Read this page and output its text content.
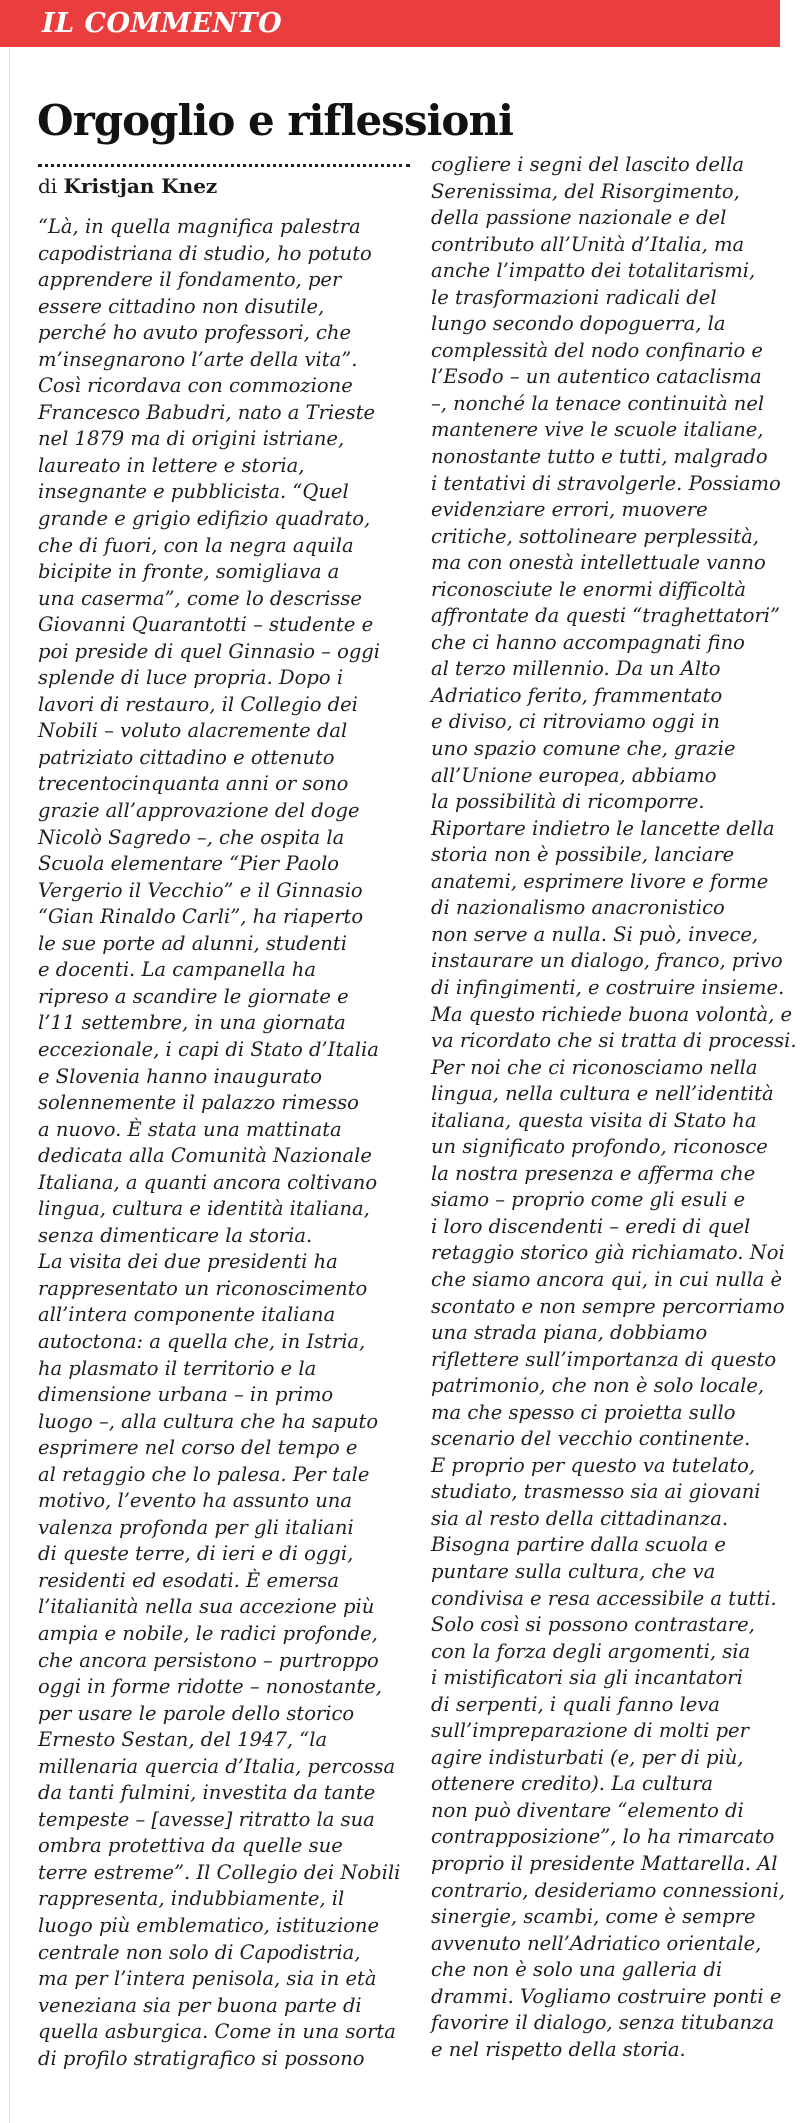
IL COMMENTO
Orgoglio e riflessioni
di Kristjan Knez
“Là, in quella magnifica palestra
capodistriana di studio, ho potuto
apprendere il fondamento, per
essere cittadino non disutile,
perché ho avuto professori, che
m’insegnarono l’arte della vita”.
Così ricordava con commozione
Francesco Babudri, nato a Trieste
nel 1879 ma di origini istriane,
laureato in lettere e storia,
insegnante e pubblicista. “Quel
grande e grigio edifizio quadrato,
che di fuori, con la negra aquila
bicipite in fronte, somigliava a
una caserma”, come lo descrisse
Giovanni Quarantotti – studente e
poi preside di quel Ginnasio – oggi
splende di luce propria. Dopo i
lavori di restauro, il Collegio dei
Nobili – voluto alacremente dal
patriziato cittadino e ottenuto
trecentocinquanta anni or sono
grazie all’approvazione del doge
Nicolò Sagredo –, che ospita la
Scuola elementare “Pier Paolo
Vergerio il Vecchio” e il Ginnasio
“Gian Rinaldo Carli”, ha riaperto
le sue porte ad alunni, studenti
e docenti. La campanella ha
ripreso a scandire le giornate e
l’11 settembre, in una giornata
eccezionale, i capi di Stato d’Italia
e Slovenia hanno inaugurato
solennemente il palazzo rimesso
a nuovo. È stata una mattinata
dedicata alla Comunità Nazionale
Italiana, a quanti ancora coltivano
lingua, cultura e identità italiana,
senza dimenticare la storia.
La visita dei due presidenti ha
rappresentato un riconoscimento
all’intera componente italiana
autoctona: a quella che, in Istria,
ha plasmato il territorio e la
dimensione urbana – in primo
luogo –, alla cultura che ha saputo
esprimere nel corso del tempo e
al retaggio che lo palesa. Per tale
motivo, l’evento ha assunto una
valenza profonda per gli italiani
di queste terre, di ieri e di oggi,
residenti ed esodati. È emersa
l’italianità nella sua accezione più
ampia e nobile, le radici profonde,
che ancora persistono – purtroppo
oggi in forme ridotte – nonostante,
per usare le parole dello storico
Ernesto Sestan, del 1947, “la
millenaria quercia d’Italia, percossa
da tanti fulmini, investita da tante
tempeste – [avesse] ritratto la sua
ombra protettiva da quelle sue
terre estreme”. Il Collegio dei Nobili
rappresenta, indubbiamente, il
luogo più emblematico, istituzione
centrale non solo di Capodistria,
ma per l’intera penisola, sia in età
veneziana sia per buona parte di
quella asburgica. Come in una sorta
di profilo stratigrafico si possono
cogliere i segni del lascito della
Serenissima, del Risorgimento,
della passione nazionale e del
contributo all’Unità d’Italia, ma
anche l’impatto dei totalitarismi,
le trasformazioni radicali del
lungo secondo dopoguerra, la
complessità del nodo confinario e
l’Esodo – un autentico cataclisma
–, nonché la tenace continuità nel
mantenere vive le scuole italiane,
nonostante tutto e tutti, malgrado
i tentativi di stravolgerle. Possiamo
evidenziare errori, muovere
critiche, sottolineare perplessità,
ma con onestà intellettuale vanno
riconosciute le enormi difficoltà
affrontate da questi “traghettatori”
che ci hanno accompagnati fino
al terzo millennio. Da un Alto
Adriatico ferito, frammentato
e diviso, ci ritroviamo oggi in
uno spazio comune che, grazie
all’Unione europea, abbiamo
la possibilità di ricomporre.
Riportare indietro le lancette della
storia non è possibile, lanciare
anatemi, esprimere livore e forme
di nazionalismo anacronistico
non serve a nulla. Si può, invece,
instaurare un dialogo, franco, privo
di infingimenti, e costruire insieme.
Ma questo richiede buona volontà, e
va ricordato che si tratta di processi.
Per noi che ci riconosciamo nella
lingua, nella cultura e nell’identità
italiana, questa visita di Stato ha
un significato profondo, riconosce
la nostra presenza e afferma che
siamo – proprio come gli esuli e
i loro discendenti – eredi di quel
retaggio storico già richiamato. Noi
che siamo ancora qui, in cui nulla è
scontato e non sempre percorriamo
una strada piana, dobbiamo
riflettere sull’importanza di questo
patrimonio, che non è solo locale,
ma che spesso ci proietta sullo
scenario del vecchio continente.
E proprio per questo va tutelato,
studiato, trasmesso sia ai giovani
sia al resto della cittadinanza.
Bisogna partire dalla scuola e
puntare sulla cultura, che va
condivisa e resa accessibile a tutti.
Solo così si possono contrastare,
con la forza degli argomenti, sia
i mistificatori sia gli incantatori
di serpenti, i quali fanno leva
sull’impreparazione di molti per
agire indisturbati (e, per di più,
ottenere credito). La cultura
non può diventare “elemento di
contrapposizione”, lo ha rimarcato
proprio il presidente Mattarella. Al
contrario, desideriamo connessioni,
sinergie, scambi, come è sempre
avvenuto nell’Adriatico orientale,
che non è solo una galleria di
drammi. Vogliamo costruire ponti e
favorire il dialogo, senza titubanza
e nel rispetto della storia.
